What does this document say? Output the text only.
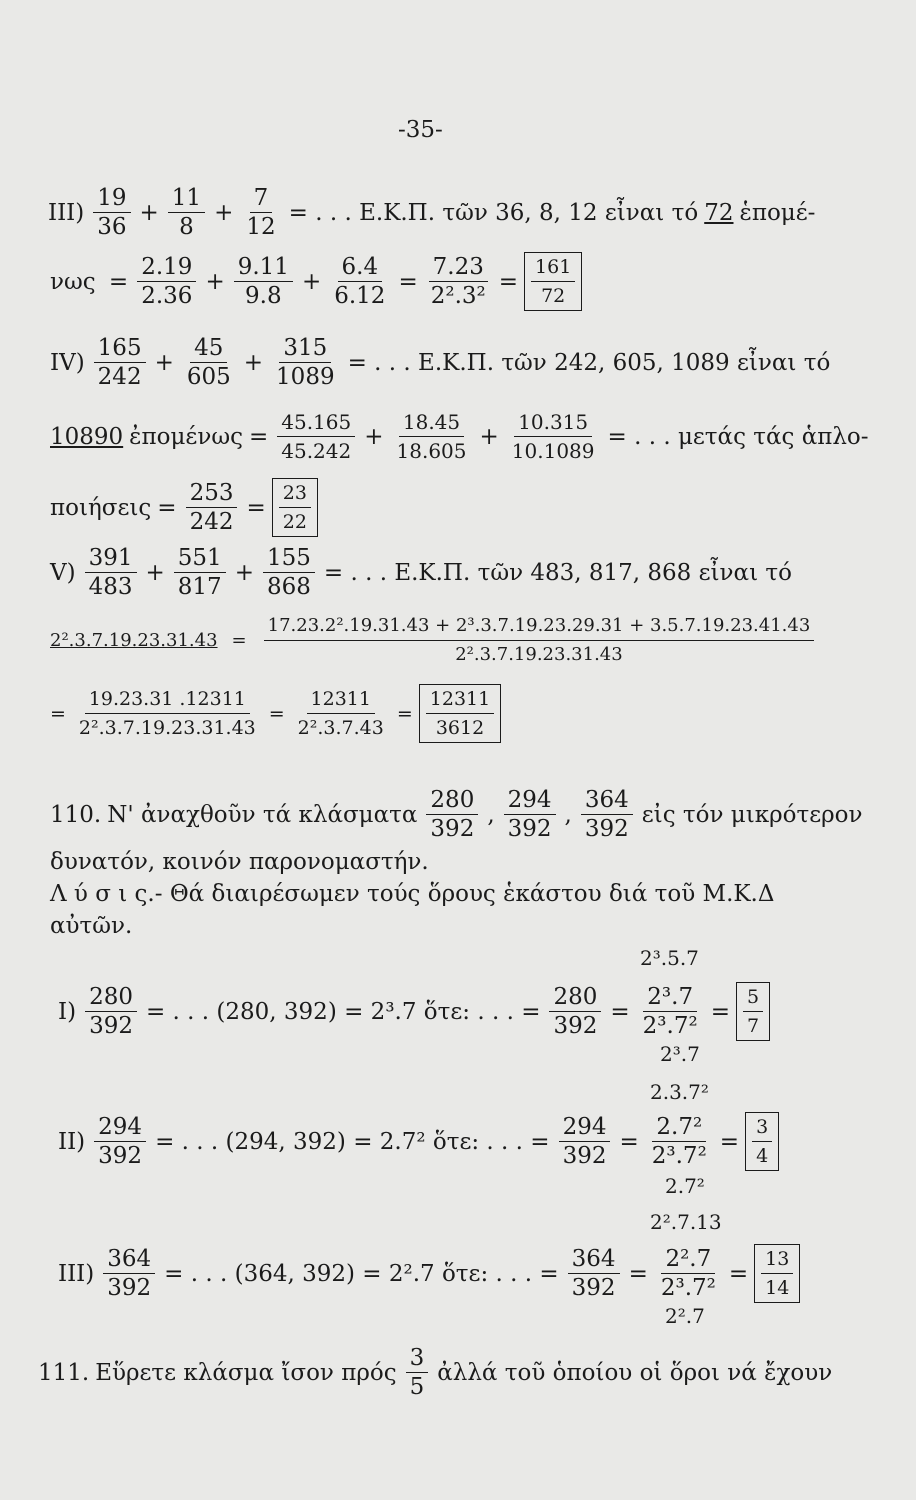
-35-
$III) \frac{19}{36} + \frac{11}{8} + \frac{7}{12}$ = . . . Ε.Κ.Π. τῶν 36, 8, 12 εἶναι τό 72 ἑπομέ-
$\nu\omega\varsigma = \frac{2.19}{2.36} + \frac{9.11}{9.8} + \frac{6.4}{6.12} = \frac{7.23}{\text{2².3²}} = \frac{161}{72}$
$IV) \frac{165}{242} + \frac{45}{605} + \frac{315}{1089}$ = . . . Ε.Κ.Π. τῶν 242, 605, 1089 εἶναι τό
10890 ἐπομένως = $\frac{45.165}{45.242} + \frac{18.45}{18.605} + \frac{10.315}{10.1089}$ = . . . μετάς τάς ἁπλο-
$\pi o\iota ή\sigma\varepsilon\iota\varsigma = \frac{253}{242} = \frac{23}{22}$
$V) \frac{391}{483} + \frac{551}{817} + \frac{155}{868}$ = . . . Ε.Κ.Π. τῶν 483, 817, 868 εἶναι τό
$2^2.3.7.19.23.31.43 = \frac{\text{17.23.2².19.31.43 + 2³.3.7.19.23.29.31 + 3.5.7.19.23.41.43}}{\text{2².3.7.19.23.31.43}}$
= $\frac{19.23.31 .12311}{\text{2².3.7.19.23.31.43}} = \frac{12311}{\text{2².3.7.43}} = \frac{12311}{3612}$
110. Ν' ἀναχθοῦν τά κλάσματα $\frac{280}{392}$ , $\frac{294}{392}$ , $\frac{364}{392}$ εἰς τόν μικρότερον
δυνατόν, κοινόν παρονομαστήν.
Λ ύ σ ι ς.- Θά διαιρέσωμεν τούς ὅρους ἑκάστου διά τοῦ Μ.Κ.Δ
αὐτῶν.
2³.5.7
$I) \frac{280}{392}$ = . . . (280, 392) = 2³.7 ὅτε: . . . = $\frac{280}{392} = \frac{\text{2³.7}}{\text{2³.7²}} = \frac{5}{7}$
2³.7
2.3.7²
$II) \frac{294}{392}$ = . . . (294, 392) = 2.7² ὅτε: . . . = $\frac{294}{392} = \frac{\text{2.7²}}{\text{2³.7²}} = \frac{3}{4}$
2.7²
2².7.13
$III) \frac{364}{392}$ = . . . (364, 392) = 2².7 ὅτε: . . . = $\frac{364}{392} = \frac{\text{2².7}}{\text{2³.7²}} = \frac{13}{14}$
2².7
111. Εὕρετε κλάσμα ἴσον πρός $\frac{3}{5}$ ἀλλά τοῦ ὁποίου οἱ ὅροι νά ἔχουν
